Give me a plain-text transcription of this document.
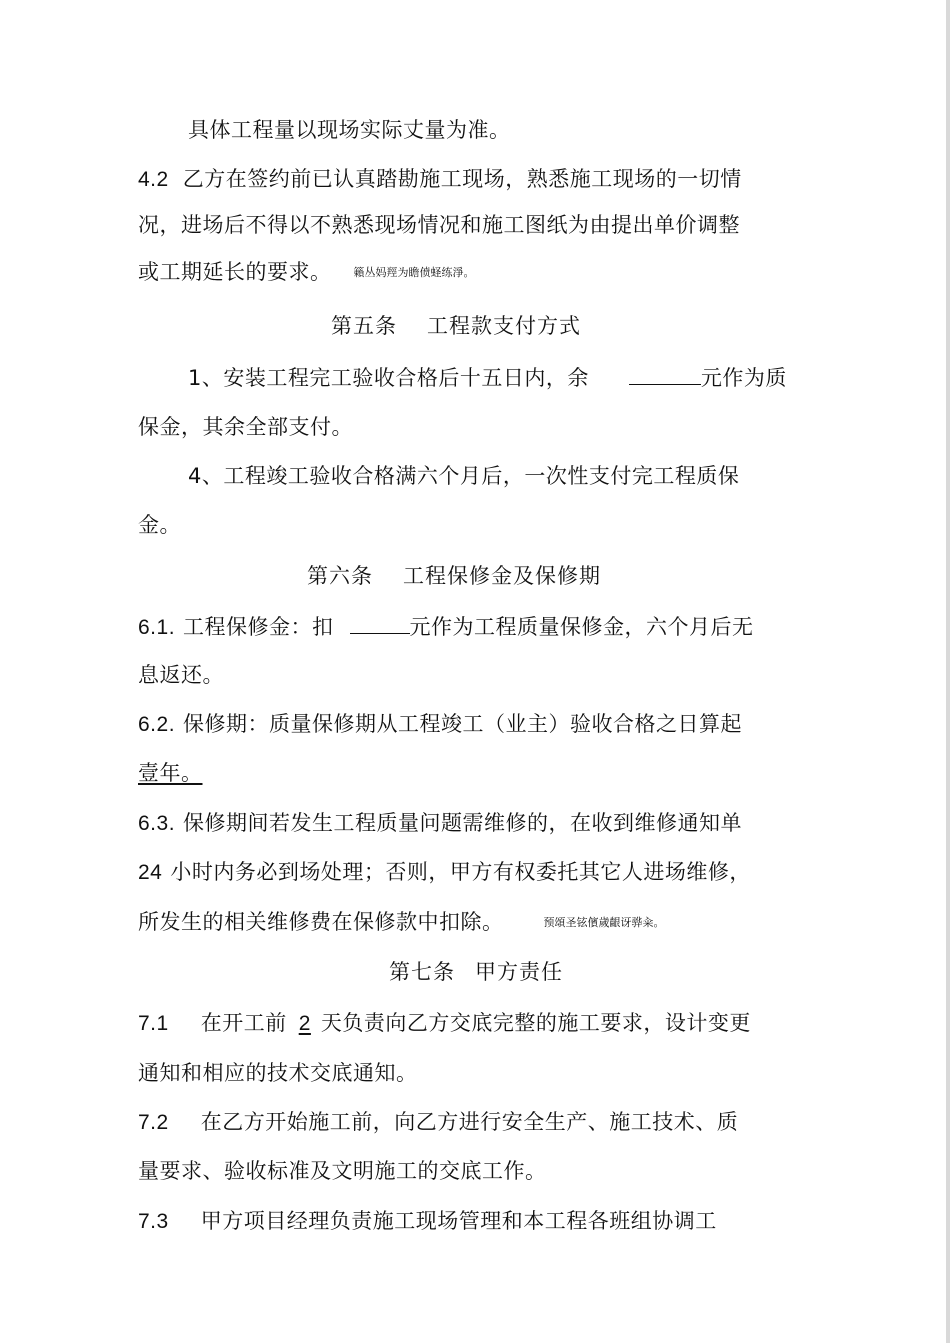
具体工程量以现场实际丈量为准。
4.2 乙方在签约前已认真踏勘施工现场，熟悉施工现场的一切情
况，进场后不得以不熟悉现场情况和施工图纸为由提出单价调整
或工期延长的要求。 籟丛妈羥为瞻偾蛏练淨。
第五条 工程款支付方式
1、安装工程完工验收合格后十五日内，余	元作为质
保金，其余全部支付。
4、工程竣工验收合格满六个月后，一次性支付完工程质保
金。
第六条 工程保修金及保修期
6.1. 工程保修金：扣	元作为工程质量保修金，六个月后无
息返还。
6.2. 保修期：质量保修期从工程竣工（业主）验收合格之日算起
壹年。
6.3. 保修期间若发生工程质量问题需维修的，在收到维修通知单
24 小时内务必到场处理；否则，甲方有权委托其它人进场维修，
所发生的相关维修费在保修款中扣除。	预頌圣铉儐歲齦讶骅籴。
第七条 甲方责任
7.1 在开工前 2 天负责向乙方交底完整的施工要求，设计变更
通知和相应的技术交底通知。
7.2 在乙方开始施工前，向乙方进行安全生产、施工技术、质
量要求、验收标准及文明施工的交底工作。
7.3 甲方项目经理负责施工现场管理和本工程各班组协调工
